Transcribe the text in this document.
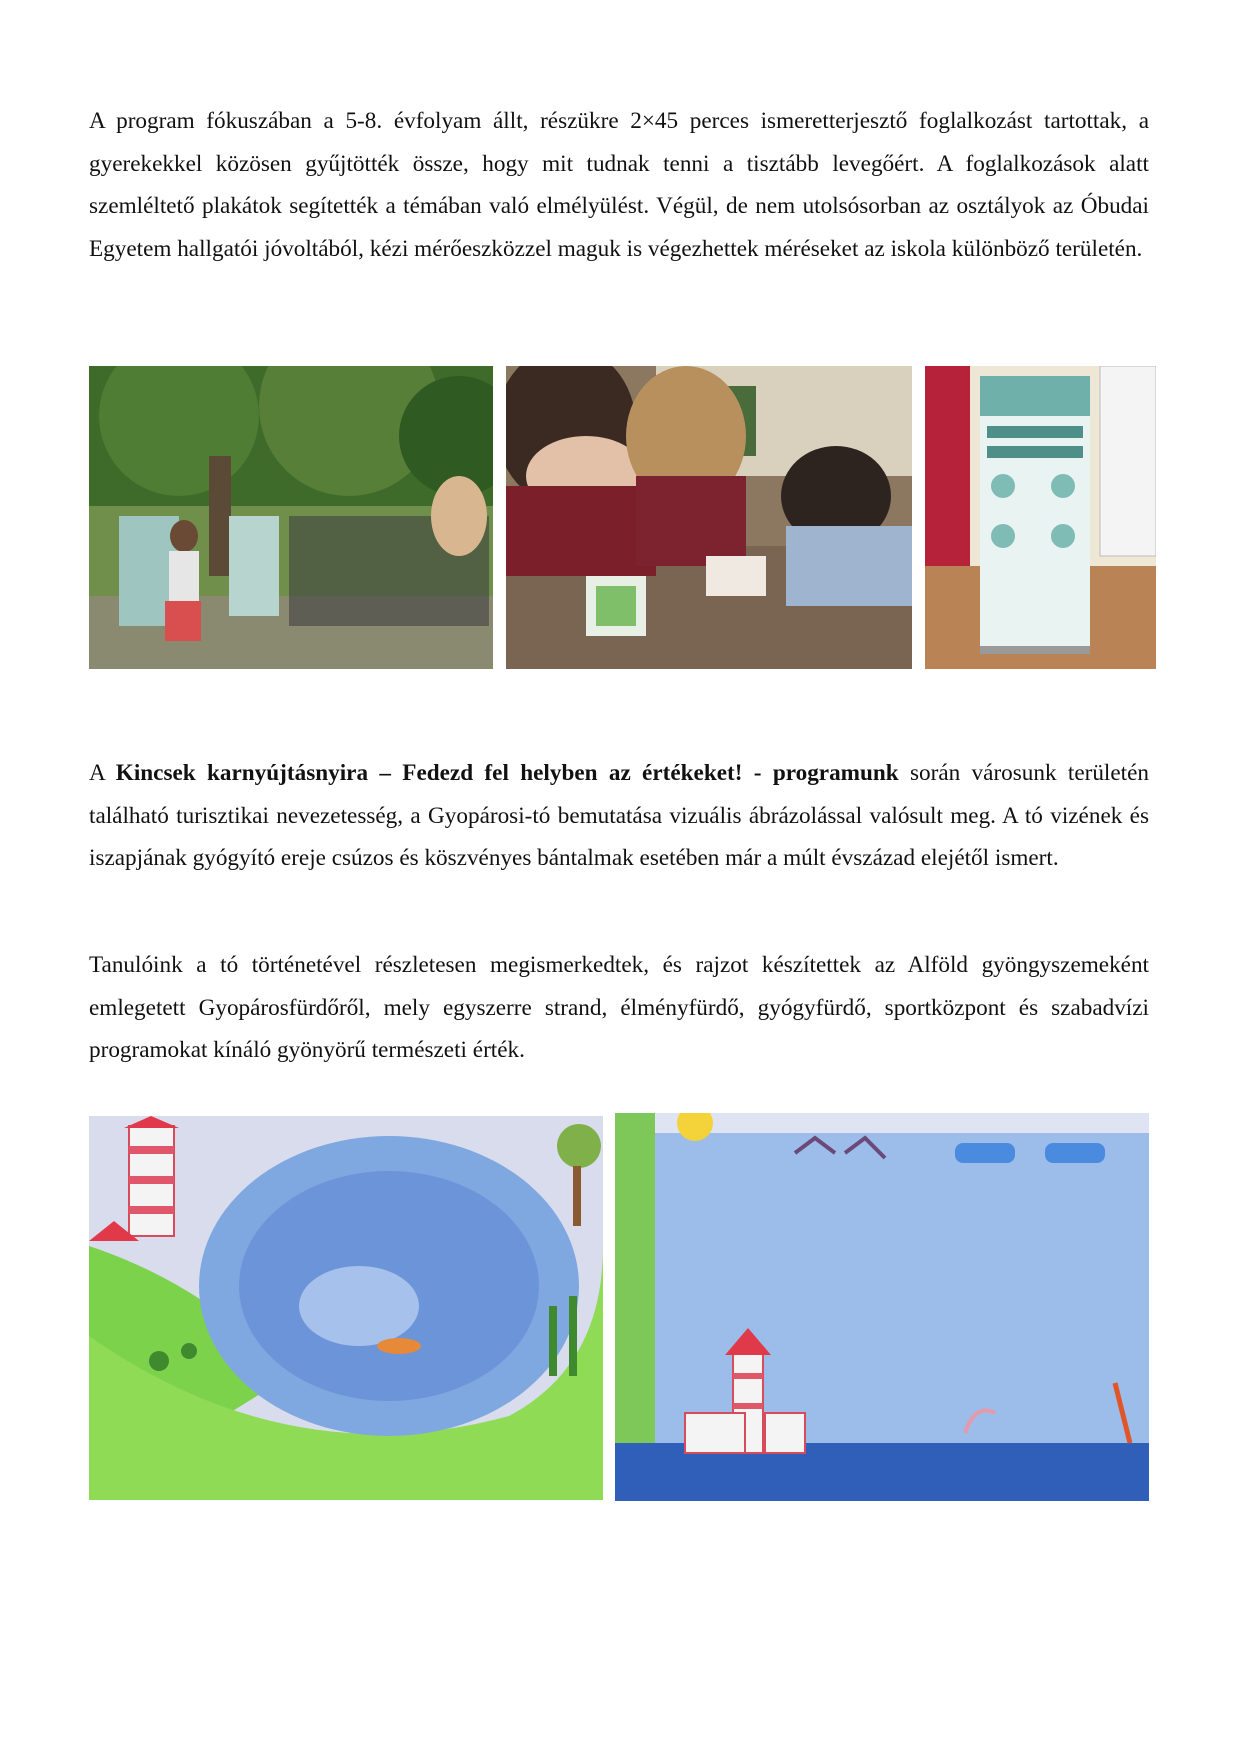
A program fókuszában a 5-8. évfolyam állt, részükre 2×45 perces ismeretterjesztő foglalkozást tartottak, a gyerekekkel közösen gyűjtötték össze, hogy mit tudnak tenni a tisztább levegőért. A foglalkozások alatt szemléltető plakátok segítették a témában való elmélyülést. Végül, de nem utolsósorban az osztályok az Óbudai Egyetem hallgatói jóvoltából, kézi mérőeszközzel maguk is végezhettek méréseket az iskola különböző területén.

A Kincsek karnyújtásnyira – Fedezd fel helyben az értékeket! - programunk során városunk területén található turisztikai nevezetesség, a Gyopárosi-tó bemutatása vizuális ábrázolással valósult meg. A tó vizének és iszapjának gyógyító ereje csúzos és köszvényes bántalmak esetében már a múlt évszázad elejétől ismert.

Tanulóink a tó történetével részletesen megismerkedtek, és rajzot készítettek az Alföld gyöngyszemeként emlegetett Gyopárosfürdőről, mely egyszerre strand, élményfürdő, gyógyfürdő, sportközpont és szabadvízi programokat kínáló gyönyörű természeti érték.
